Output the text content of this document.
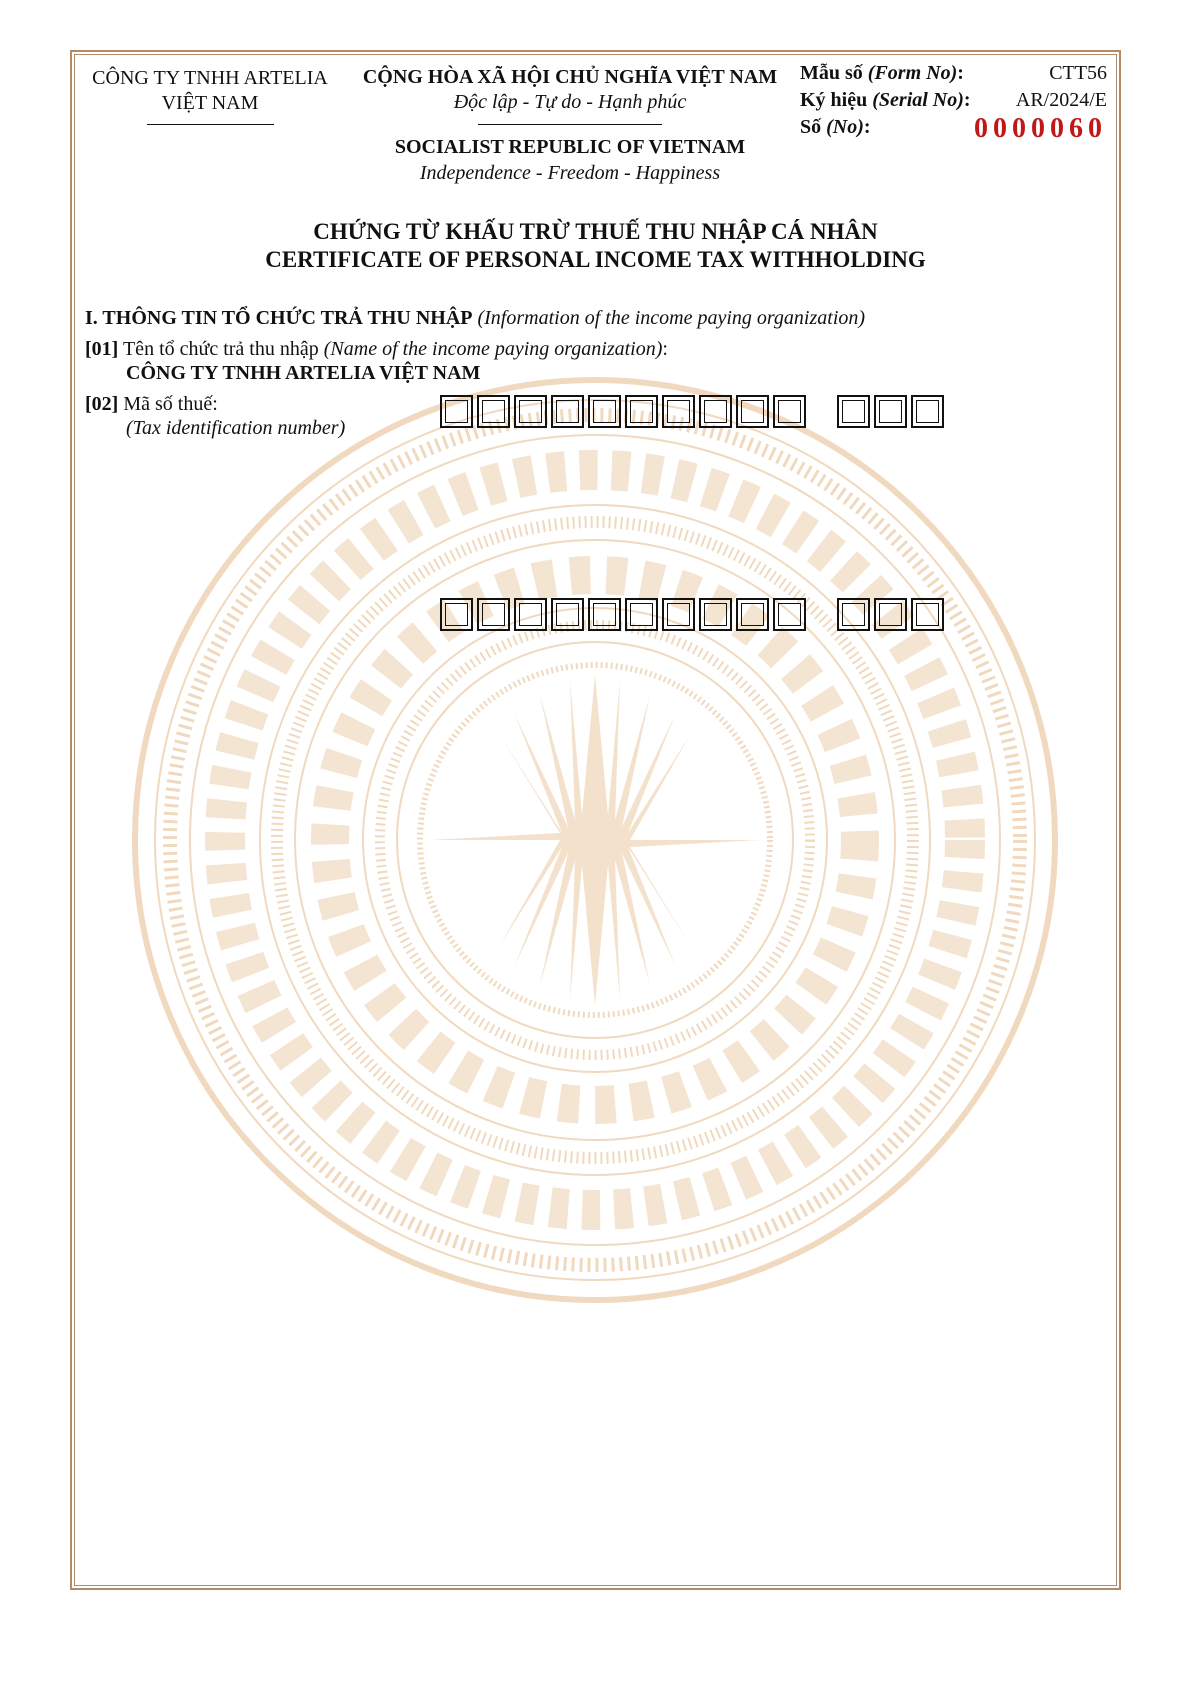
CÔNG TY TNHH ARTELIA
VIỆT NAM
CỘNG HÒA XÃ HỘI CHỦ NGHĨA VIỆT NAM
Độc lập - Tự do - Hạnh phúc
SOCIALIST REPUBLIC OF VIETNAM
Independence - Freedom - Happiness
Mẫu số (Form No):	CTT56
Ký hiệu (Serial No): AR/2024/E
Số (No):	0000060
CHỨNG TỪ KHẤU TRỪ THUẾ THU NHẬP CÁ NHÂN
CERTIFICATE OF PERSONAL INCOME TAX WITHHOLDING
I. THÔNG TIN TỔ CHỨC TRẢ THU NHẬP (Information of the income paying organization)
[01] Tên tổ chức trả thu nhập (Name of the income paying organization):
CÔNG TY TNHH ARTELIA VIỆT NAM
[02] Mã số thuế:
(Tax identification number)
